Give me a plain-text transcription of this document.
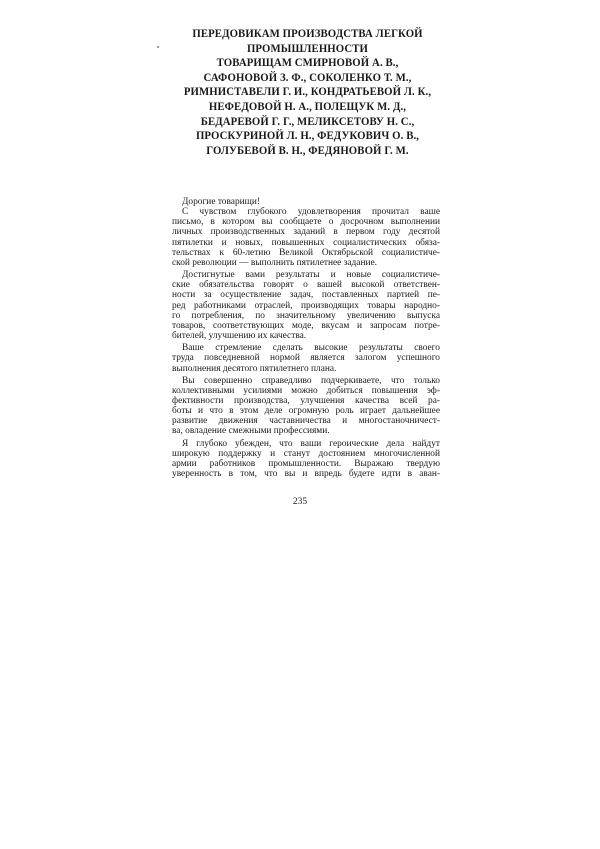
ПЕРЕДОВИКАМ ПРОИЗВОДСТВА ЛЕГКОЙ
ПРОМЫШЛЕННОСТИ
ТОВАРИЩАМ СМИРНОВОЙ А. В.,
САФОНОВОЙ З. Ф., СОКОЛЕНКО Т. М.,
РИМНИСТАВЕЛИ Г. И., КОНДРАТЬЕВОЙ Л. К.,
НЕФЕДОВОЙ Н. А., ПОЛЕЩУК М. Д.,
БЕДАРЕВОЙ Г. Г., МЕЛИКСЕТОВУ Н. С.,
ПРОСКУРИНОЙ Л. Н., ФЕДУКОВИЧ О. В.,
ГОЛУБЕВОЙ В. Н., ФЕДЯНОВОЙ Г. М.
Дорогие товарищи!
С чувством глубокого удовлетворения прочитал ваше
письмо, в котором вы сообщаете о досрочном выполнении
личных производственных заданий в первом году десятой
пятилетки и новых, повышенных социалистических обяза-
тельствах к 60-летию Великой Октябрьской социалистиче-
ской революции — выполнить пятилетнее задание.
Достигнутые вами результаты и новые социалистиче-
ские обязательства говорят о вашей высокой ответствен-
ности за осуществление задач, поставленных партией пе-
ред работниками отраслей, производящих товары народно-
го потребления, по значительному увеличению выпуска
товаров, соответствующих моде, вкусам и запросам потре-
бителей, улучшению их качества.
Ваше стремление сделать высокие результаты своего
труда повседневной нормой является залогом успешного
выполнения десятого пятилетнего плана.
Вы совершенно справедливо подчеркиваете, что только
коллективными усилиями можно добиться повышения эф-
фективности производства, улучшения качества всей ра-
боты и что в этом деле огромную роль играет дальнейшее
развитие движения частавничества и многостаночничест-
ва, овладение смежными профессиями.
Я глубоко убежден, что ваши героические дела найдут
широкую поддержку и станут достоянием многочисленной
армии работников промышленности. Выражаю твердую
уверенность в том, что вы и впредь будете идти в аван-
235
